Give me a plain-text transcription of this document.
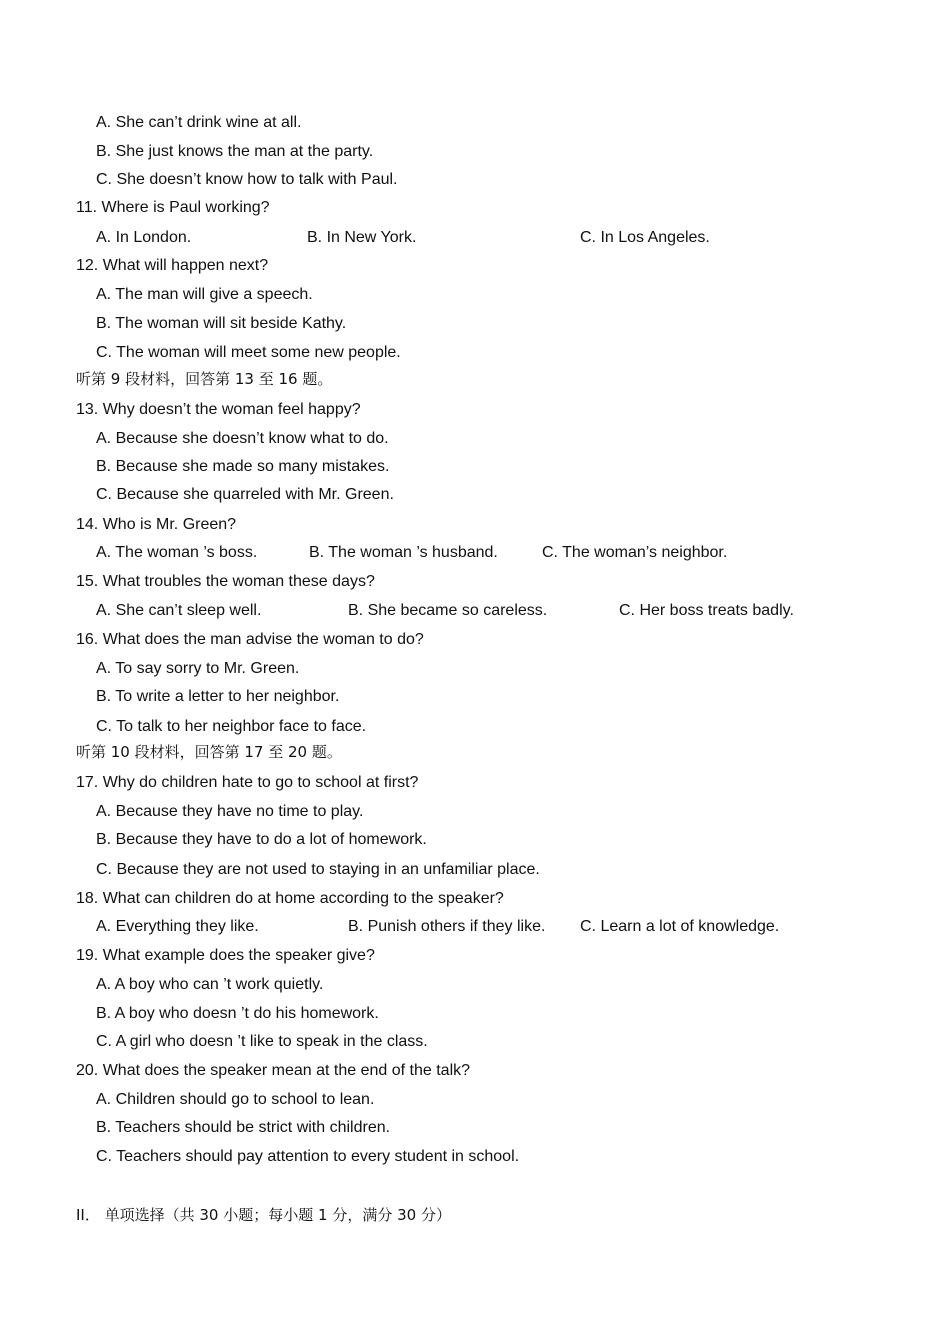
A. She can’t drink wine at all.
B. She just knows the man at the party.
C. She doesn’t know how to talk with Paul.
11. Where is Paul working?
A. In London.	B. In New York.	C. In Los Angeles.
12. What will happen next?
A. The man will give a speech.
B. The woman will sit beside Kathy.
C. The woman will meet some new people.
听第 9 段材料，回答第 13 至 16 题。
13. Why doesn’t the woman feel happy?
A. Because she doesn’t know what to do.
B. Because she made so many mistakes.
C. Because she quarreled with Mr. Green.
14. Who is Mr. Green?
A. The woman ’s boss.	B. The woman ’s husband.	C. The woman’s neighbor.
15. What troubles the woman these days?
A. She can’t sleep well.	B. She became so careless.	C. Her boss treats badly.
16. What does the man advise the woman to do?
A. To say sorry to Mr. Green.
B. To write a letter to her neighbor.
C. To talk to her neighbor face to face.
听第 10 段材料，回答第 17 至 20 题。
17. Why do children hate to go to school at first?
A. Because they have no time to play.
B. Because they have to do a lot of homework.
C. Because they are not used to staying in an unfamiliar place.
18. What can children do at home according to the speaker?
A. Everything they like.	B. Punish others if they like. C. Learn a lot of knowledge.
19. What example does the speaker give?
A. A boy who can ’t work quietly.
B. A boy who doesn ’t do his homework.
C. A girl who doesn ’t like to speak in the class.
20. What does the speaker mean at the end of the talk?
A. Children should go to school to lean.
B. Teachers should be strict with children.
C. Teachers should pay attention to every student in school.
II． 单项选择（共 30 小题；每小题 1 分，满分 30 分）
